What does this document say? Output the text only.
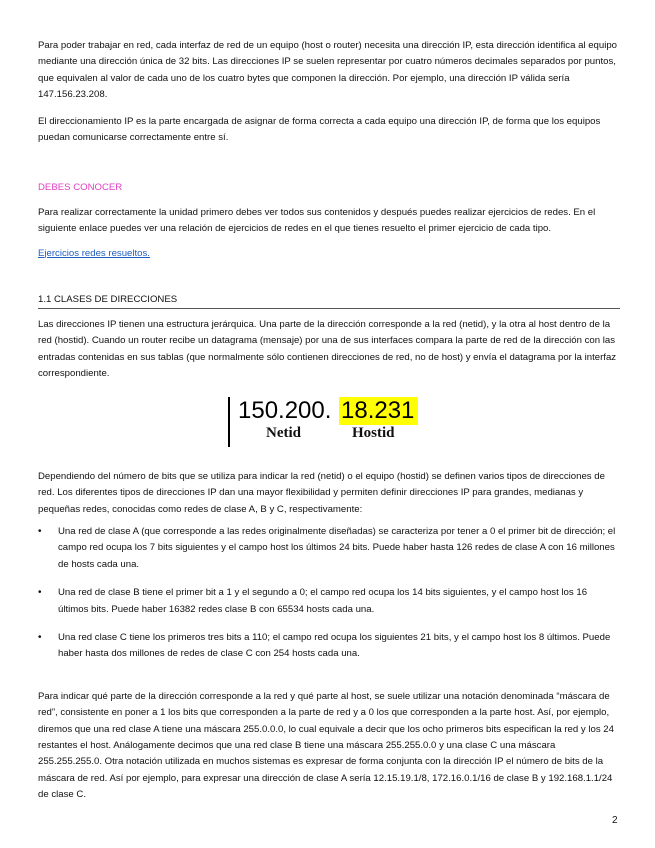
Para poder trabajar en red, cada interfaz de red de un equipo (host o router) necesita una dirección IP, esta dirección identifica al equipo mediante una dirección única de 32 bits. Las direcciones IP se suelen representar por cuatro números decimales separados por puntos, que equivalen al valor de cada uno de los cuatro bytes que componen la dirección. Por ejemplo, una dirección IP válida sería 147.156.23.208.

El direccionamiento IP es la parte encargada de asignar de forma correcta a cada equipo una dirección IP, de forma que los equipos puedan comunicarse correctamente entre sí.

DEBES CONOCER

Para realizar correctamente la unidad primero debes ver todos sus contenidos y después puedes realizar ejercicios de redes. En el siguiente enlace puedes ver una relación de ejercicios de redes en el que tienes resuelto el primer ejercicio de cada tipo.

Ejercicios redes resueltos.

1.1 CLASES DE DIRECCIONES

Las direcciones IP tienen una estructura jerárquica. Una parte de la dirección corresponde a la red (netid), y la otra al host dentro de la red (hostid). Cuando un router recibe un datagrama (mensaje) por una de sus interfaces compara la parte de red de la dirección con las entradas contenidas en sus tablas (que normalmente sólo contienen direcciones de red, no de host) y envía el datagrama por la interfaz correspondiente.

150.200. 18.231
Netid	Hostid

Dependiendo del número de bits que se utiliza para indicar la red (netid) o el equipo (hostid) se definen varios tipos de direcciones de red. Los diferentes tipos de direcciones IP dan una mayor flexibilidad y permiten definir direcciones IP para grandes, medianas y pequeñas redes, conocidas como redes de clase A, B y C, respectivamente:

• Una red de clase A (que corresponde a las redes originalmente diseñadas) se caracteriza por tener a 0 el primer bit de dirección; el campo red ocupa los 7 bits siguientes y el campo host los últimos 24 bits. Puede haber hasta 126 redes de clase A con 16 millones de hosts cada una.

• Una red de clase B tiene el primer bit a 1 y el segundo a 0; el campo red ocupa los 14 bits siguientes, y el campo host los 16 últimos bits. Puede haber 16382 redes clase B con 65534 hosts cada una.

• Una red clase C tiene los primeros tres bits a 110; el campo red ocupa los siguientes 21 bits, y el campo host los 8 últimos. Puede haber hasta dos millones de redes de clase C con 254 hosts cada una.

Para indicar qué parte de la dirección corresponde a la red y qué parte al host, se suele utilizar una notación denominada “máscara de red”, consistente en poner a 1 los bits que corresponden a la parte de red y a 0 los que corresponden a la parte host. Así, por ejemplo, diremos que una red clase A tiene una máscara 255.0.0.0, lo cual equivale a decir que los ocho primeros bits especifican la red y los 24 restantes el host. Análogamente decimos que una red clase B tiene una máscara 255.255.0.0 y una clase C una máscara 255.255.255.0. Otra notación utilizada en muchos sistemas es expresar de forma conjunta con la dirección IP el número de bits de la máscara de red. Así por ejemplo, para expresar una dirección de clase A sería 12.15.19.1/8, 172.16.0.1/16 de clase B y 192.168.1.1/24 de clase C.

2
